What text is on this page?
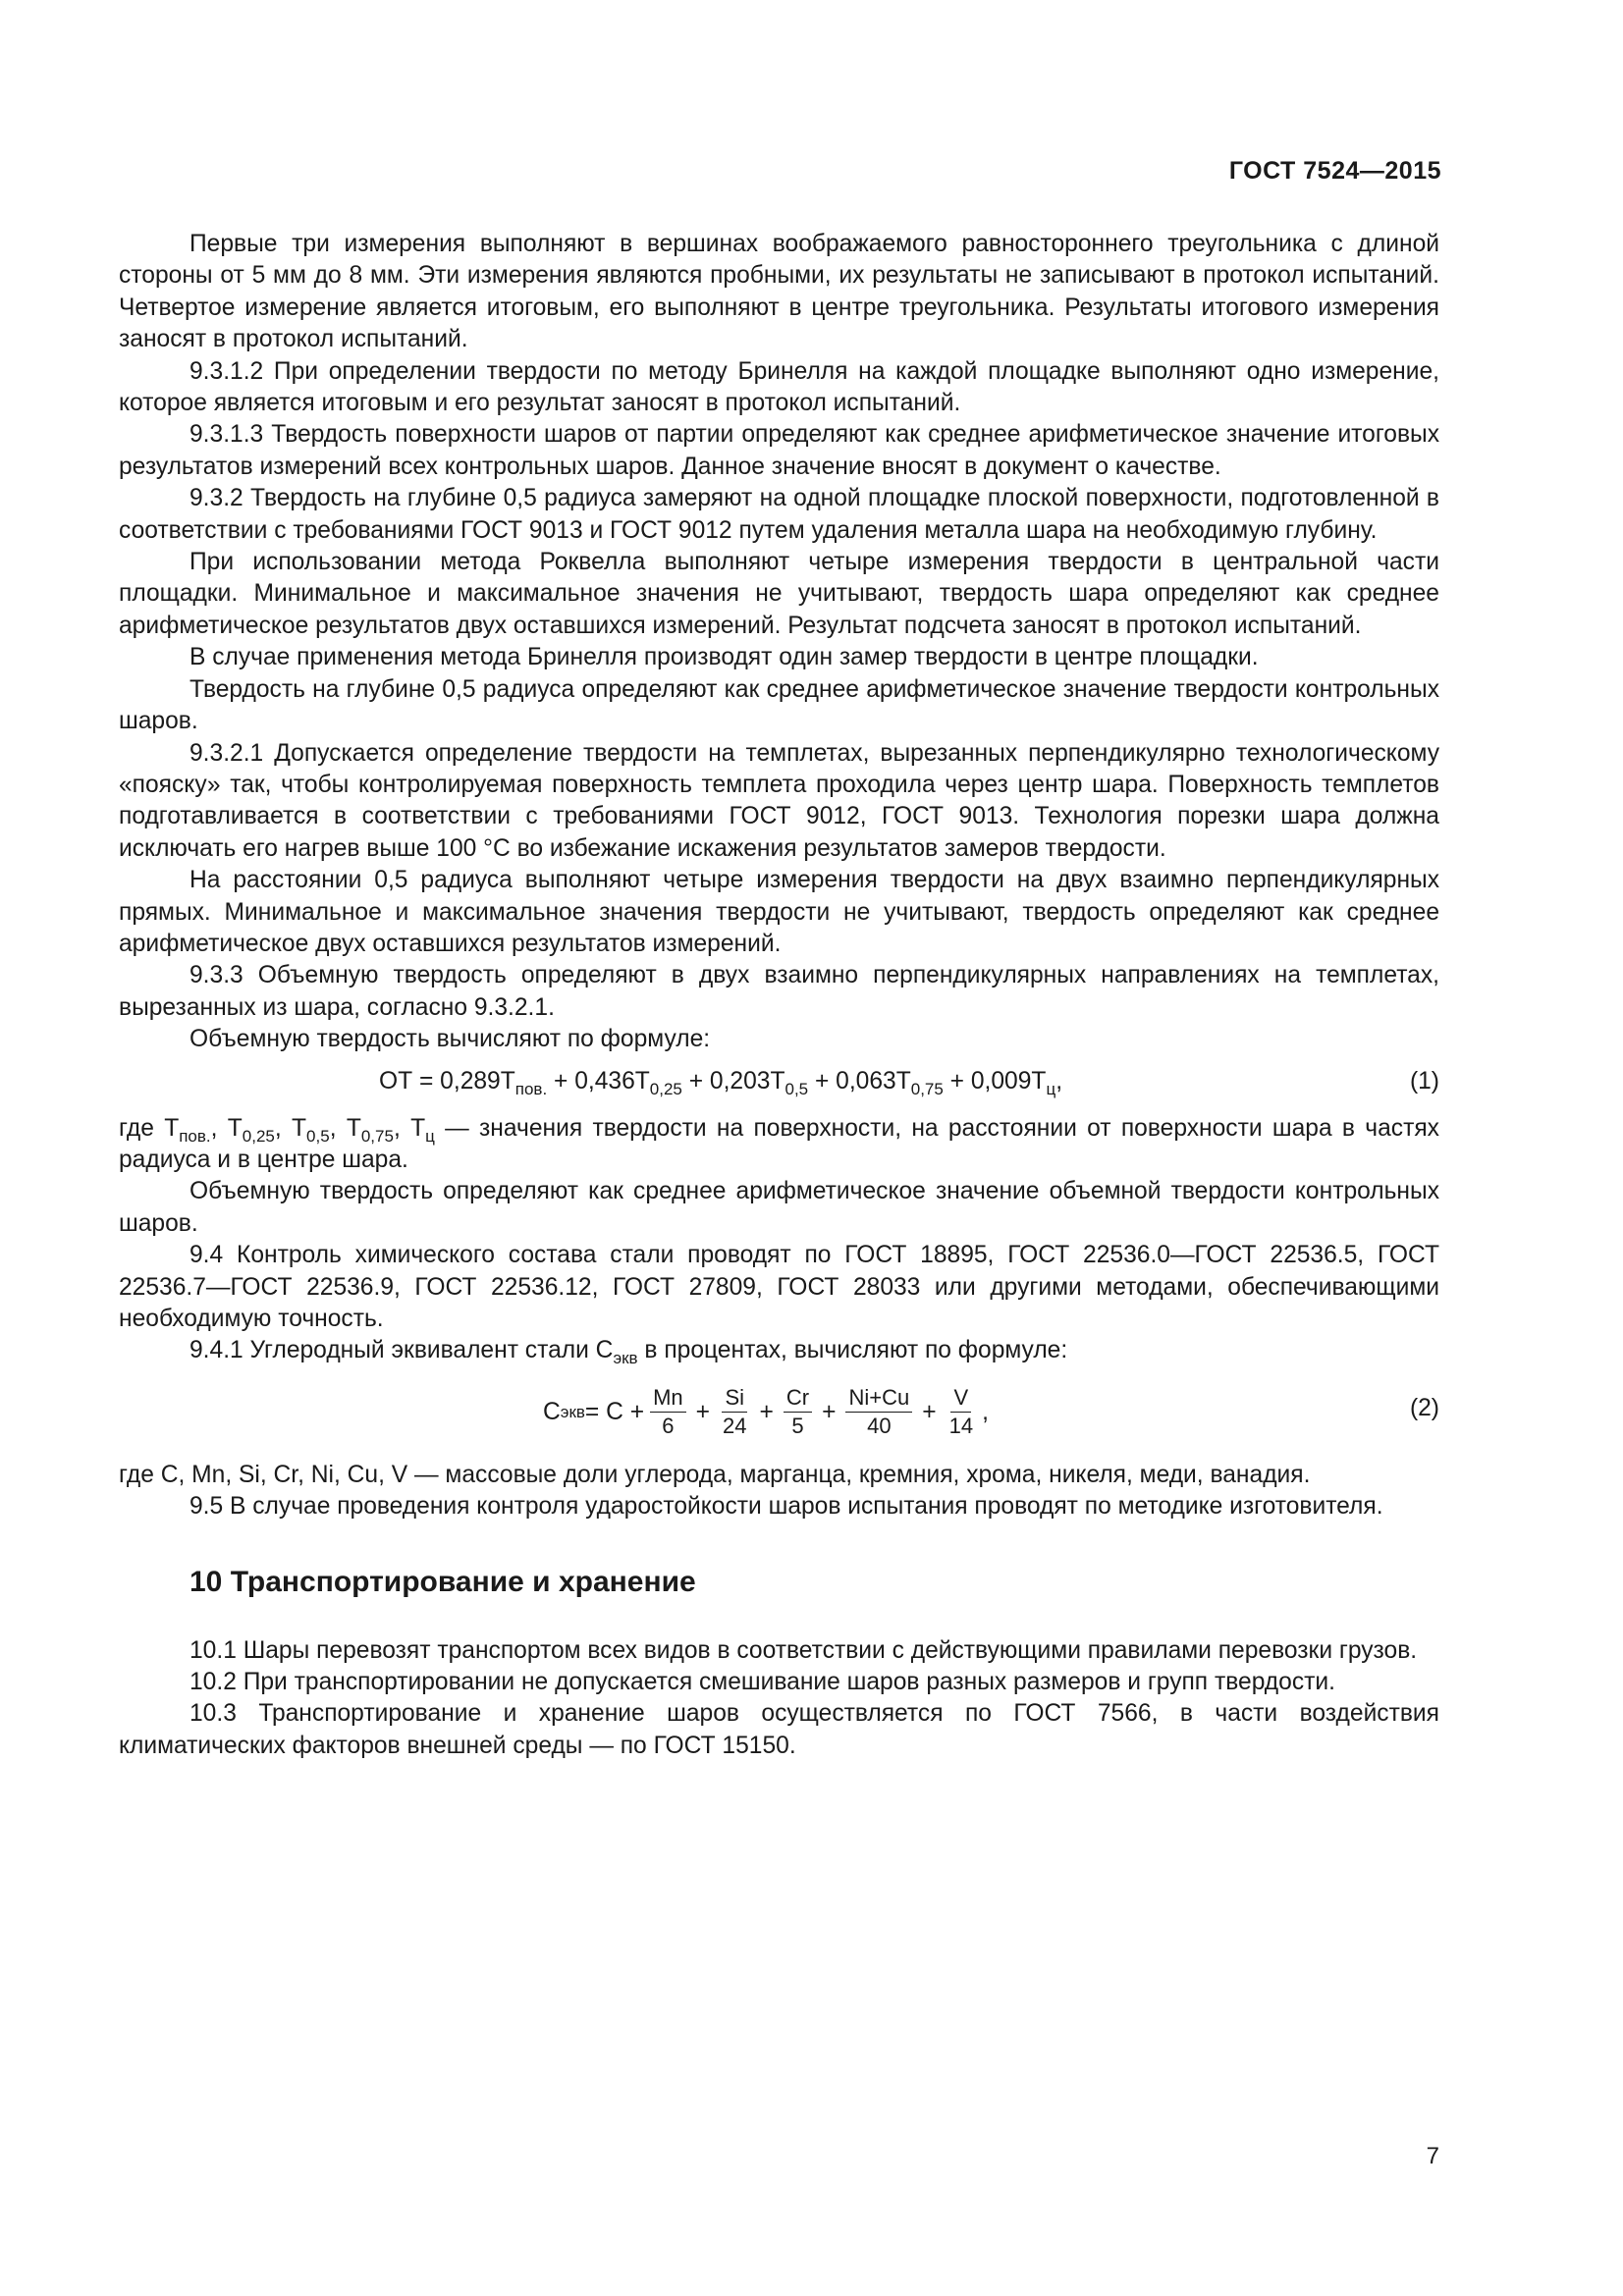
ГОСТ 7524—2015

Первые три измерения выполняют в вершинах воображаемого равностороннего треугольника с длиной стороны от 5 мм до 8 мм. Эти измерения являются пробными, их результаты не записывают в протокол испытаний. Четвертое измерение является итоговым, его выполняют в центре треугольника. Результаты итогового измерения заносят в протокол испытаний.

9.3.1.2 При определении твердости по методу Бринелля на каждой площадке выполняют одно измерение, которое является итоговым и его результат заносят в протокол испытаний.

9.3.1.3 Твердость поверхности шаров от партии определяют как среднее арифметическое значение итоговых результатов измерений всех контрольных шаров. Данное значение вносят в документ о качестве.

9.3.2 Твердость на глубине 0,5 радиуса замеряют на одной площадке плоской поверхности, подготовленной в соответствии с требованиями ГОСТ 9013 и ГОСТ 9012 путем удаления металла шара на необходимую глубину.

При использовании метода Роквелла выполняют четыре измерения твердости в центральной части площадки. Минимальное и максимальное значения не учитывают, твердость шара определяют как среднее арифметическое результатов двух оставшихся измерений. Результат подсчета заносят в протокол испытаний.

В случае применения метода Бринелля производят один замер твердости в центре площадки.

Твердость на глубине 0,5 радиуса определяют как среднее арифметическое значение твердости контрольных шаров.

9.3.2.1 Допускается определение твердости на темплетах, вырезанных перпендикулярно технологическому «пояску» так, чтобы контролируемая поверхность темплета проходила через центр шара. Поверхность темплетов подготавливается в соответствии с требованиями ГОСТ 9012, ГОСТ 9013. Технология порезки шара должна исключать его нагрев выше 100 °С во избежание искажения результатов замеров твердости.

На расстоянии 0,5 радиуса выполняют четыре измерения твердости на двух взаимно перпендикулярных прямых. Минимальное и максимальное значения твердости не учитывают, твердость определяют как среднее арифметическое двух оставшихся результатов измерений.

9.3.3 Объемную твердость определяют в двух взаимно перпендикулярных направлениях на темплетах, вырезанных из шара, согласно 9.3.2.1.

Объемную твердость вычисляют по формуле:

ОТ = $0,289Т_{пов.} + 0,436Т_{0,25} + 0,203Т_{0,5} + 0,063Т_{0,75} + 0,009Т_ц$,	(1)

где $Т_{пов.}$, $Т_{0,25}$, $Т_{0,5}$, $Т_{0,75}$, $Т_ц$ — значения твердости на поверхности, на расстоянии от поверхности шара в частях радиуса и в центре шара.

Объемную твердость определяют как среднее арифметическое значение объемной твердости контрольных шаров.

9.4 Контроль химического состава стали проводят по ГОСТ 18895, ГОСТ 22536.0—ГОСТ 22536.5, ГОСТ 22536.7—ГОСТ 22536.9, ГОСТ 22536.12, ГОСТ 27809, ГОСТ 28033 или другими методами, обеспечивающими необходимую точность.

9.4.1 Углеродный эквивалент стали $С_{экв}$ в процентах, вычисляют по формуле:

С экв = $С + \frac{Mn}{6} + \frac{Si}{24} + \frac{Cr}{5} + \frac{Ni+Cu}{40} + \frac{V}{14}$ ,	(2)

где C, Mn, Si, Cr, Ni, Cu, V — массовые доли углерода, марганца, кремния, хрома, никеля, меди, ванадия.

9.5 В случае проведения контроля ударостойкости шаров испытания проводят по методике изготовителя.

10 Транспортирование и хранение

10.1 Шары перевозят транспортом всех видов в соответствии с действующими правилами перевозки грузов.

10.2 При транспортировании не допускается смешивание шаров разных размеров и групп твердости.

10.3 Транспортирование и хранение шаров осуществляется по ГОСТ 7566, в части воздействия климатических факторов внешней среды — по ГОСТ 15150.

7
